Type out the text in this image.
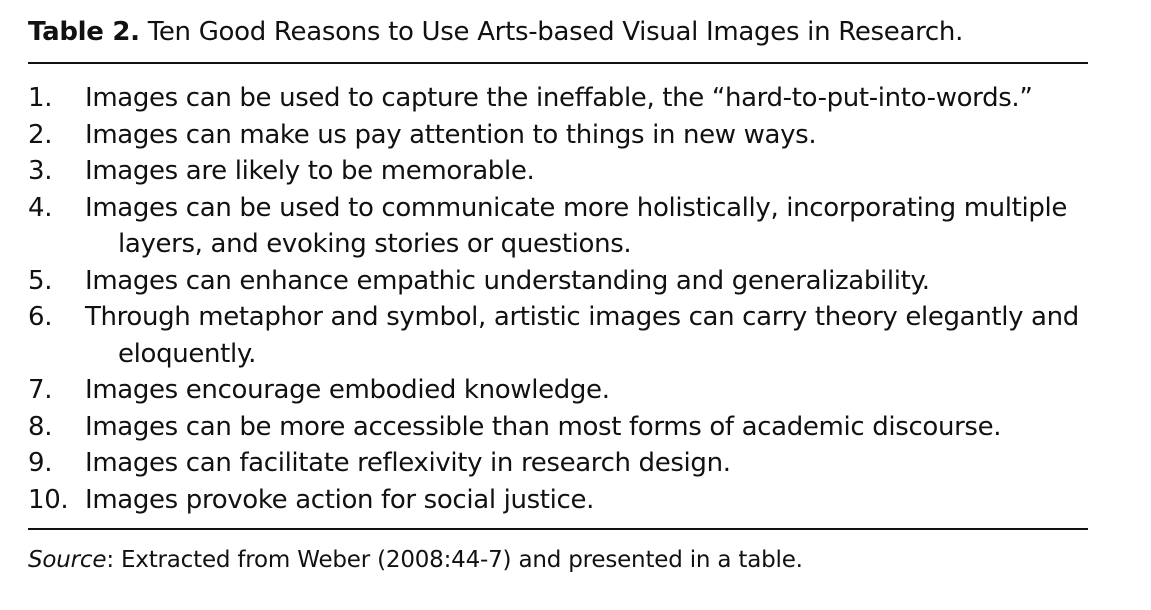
Table 2. Ten Good Reasons to Use Arts-based Visual Images in Research.
1.	Images can be used to capture the ineffable, the “hard-to-put-into-words.”
2.	Images can make us pay attention to things in new ways.
3.	Images are likely to be memorable.
4.	Images can be used to communicate more holistically, incorporating multiple
layers, and evoking stories or questions.
5.	Images can enhance empathic understanding and generalizability.
6.	Through metaphor and symbol, artistic images can carry theory elegantly and
eloquently.
7.	Images encourage embodied knowledge.
8.	Images can be more accessible than most forms of academic discourse.
9.	Images can facilitate reflexivity in research design.
10. Images provoke action for social justice.
Source: Extracted from Weber (2008:44-7) and presented in a table.
